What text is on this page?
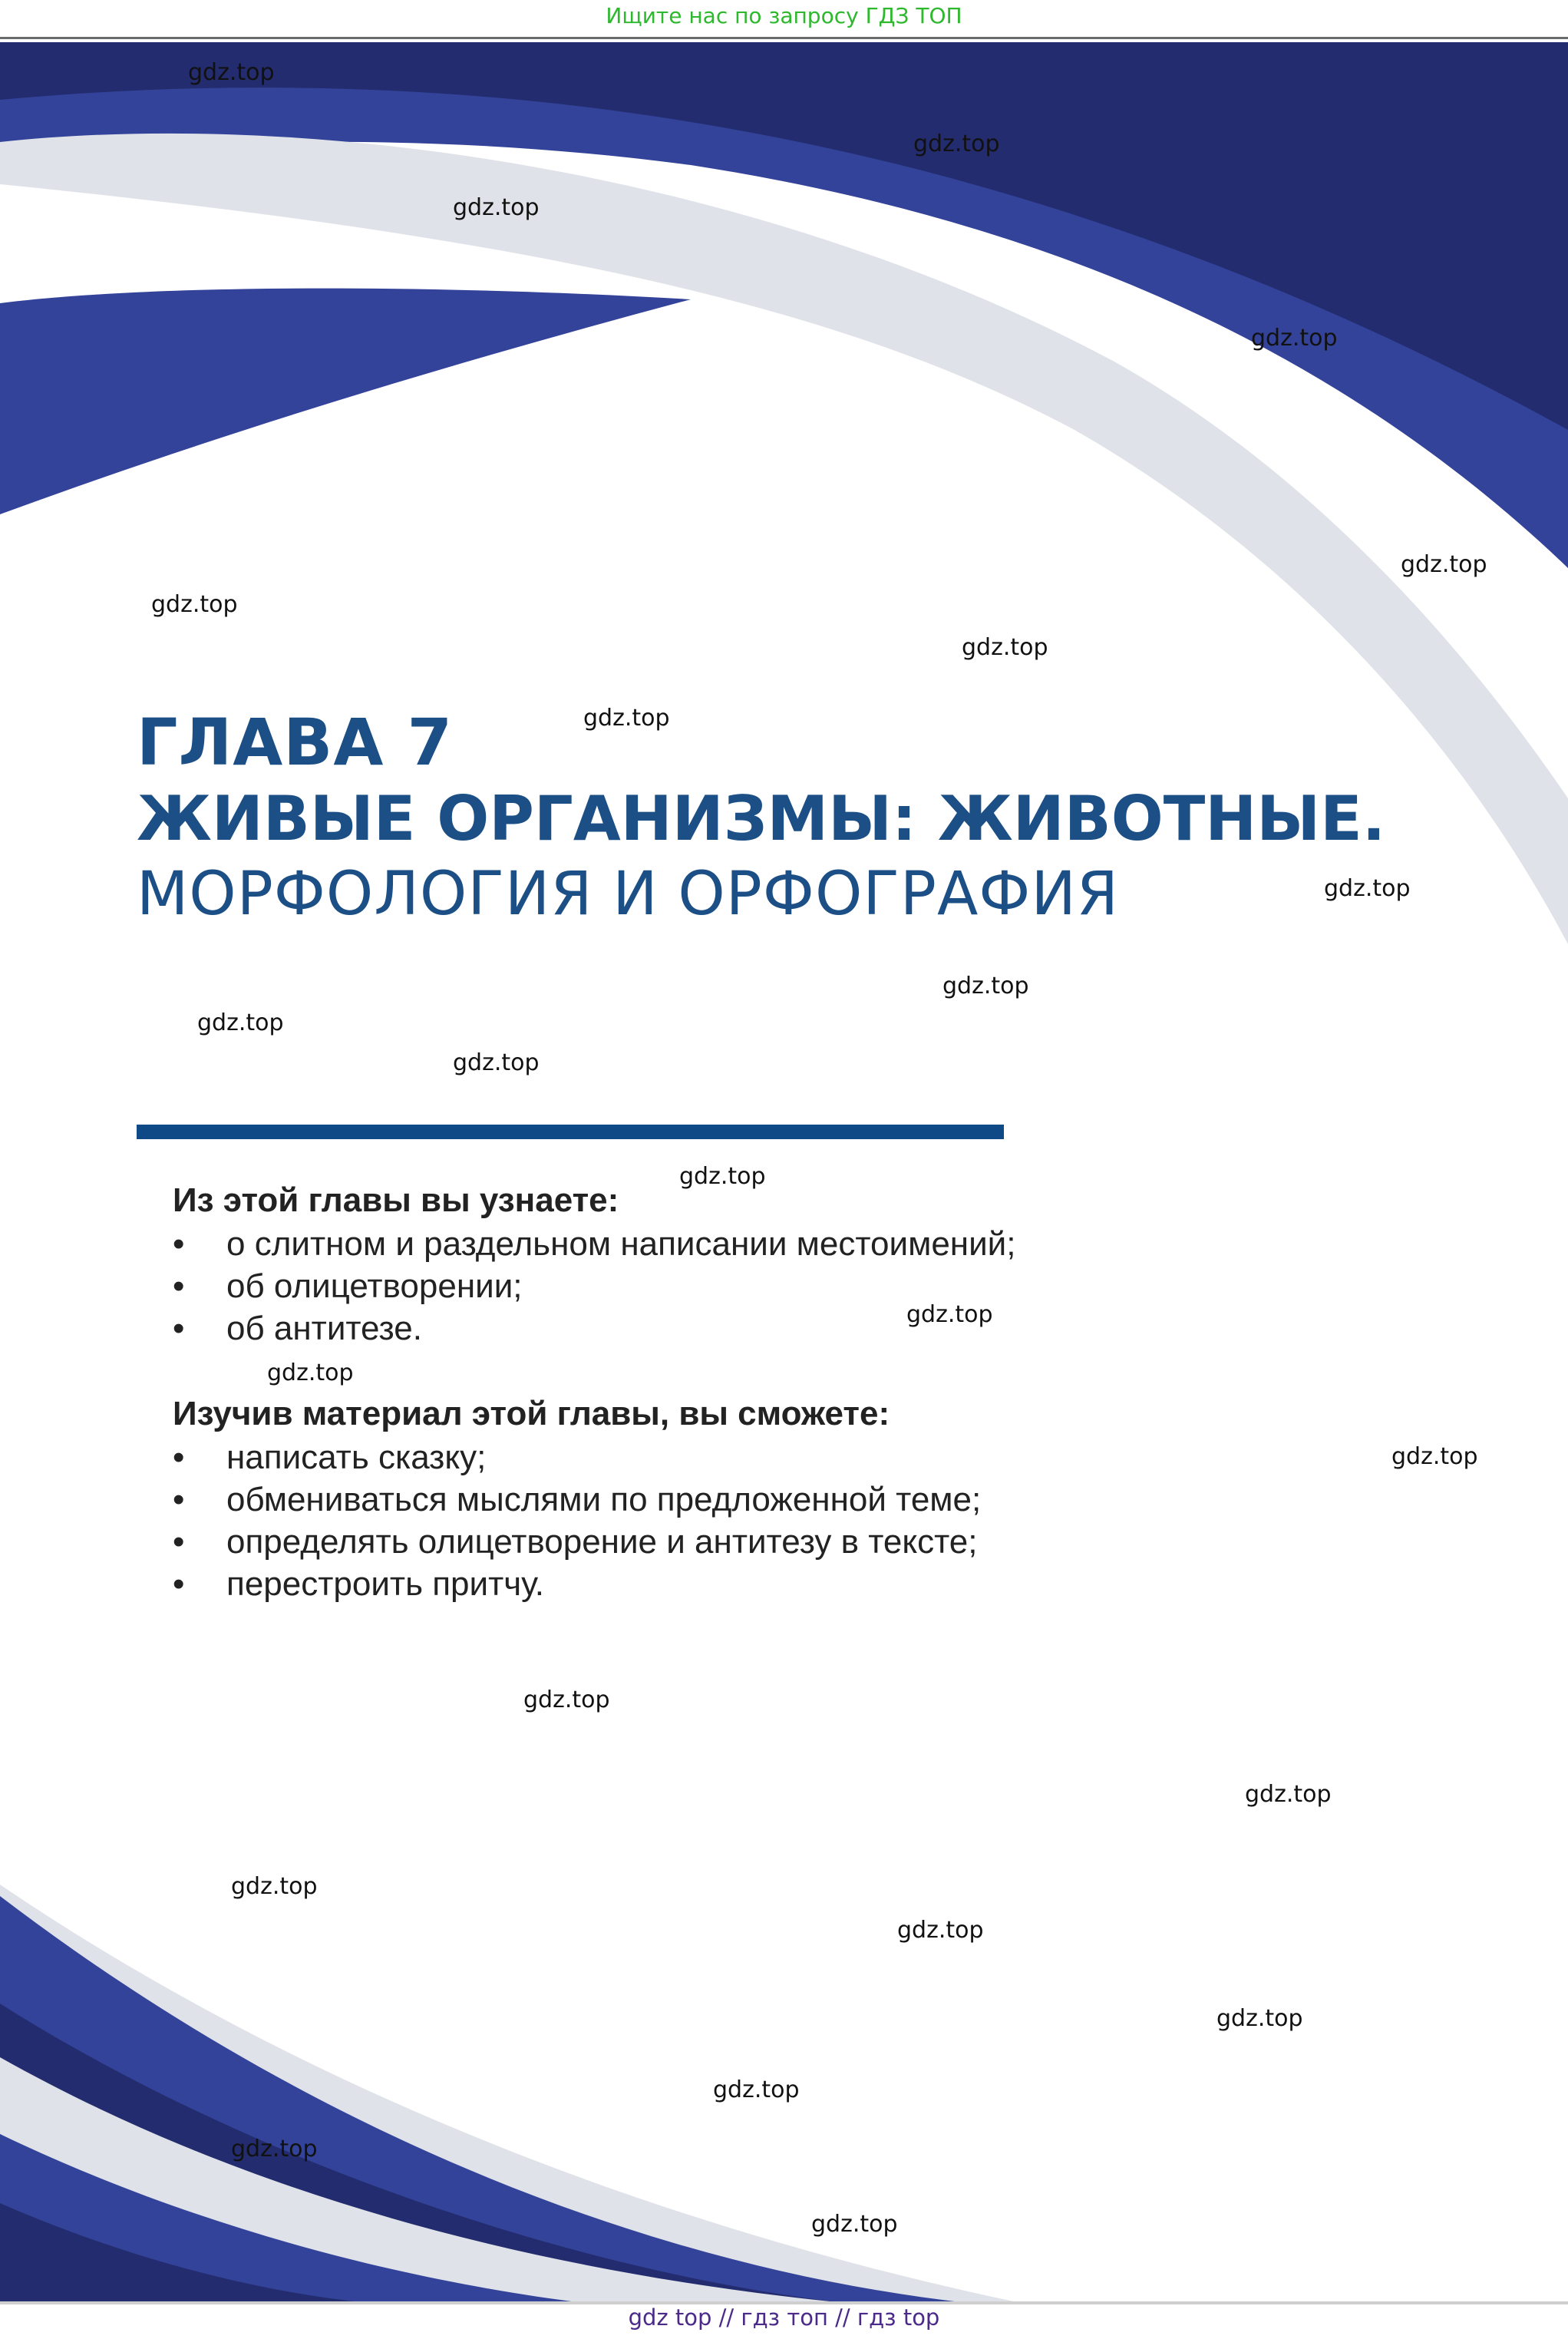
Ищите нас по запросу ГДЗ ТОП
ГЛАВА 7
ЖИВЫЕ ОРГАНИЗМЫ: ЖИВОТНЫЕ.
МОРФОЛОГИЯ И ОРФОГРАФИЯ
Из этой главы вы узнаете:
• о слитном и раздельном написании местоимений;
• об олицетворении;
• об антитезе.
Изучив материал этой главы, вы сможете:
• написать сказку;
• обмениваться мыслями по предложенной теме;
• определять олицетворение и антитезу в тексте;
• перестроить притчу.
gdz.top
gdz.top
gdz.top
gdz.top
gdz.top
gdz.top
gdz.top
gdz.top
gdz.top
gdz.top
gdz.top
gdz.top
gdz.top
gdz.top
gdz.top
gdz.top
gdz.top
gdz.top
gdz.top
gdz.top
gdz.top
gdz.top
gdz.top
gdz.top
gdz top // гдз топ // гдз top
